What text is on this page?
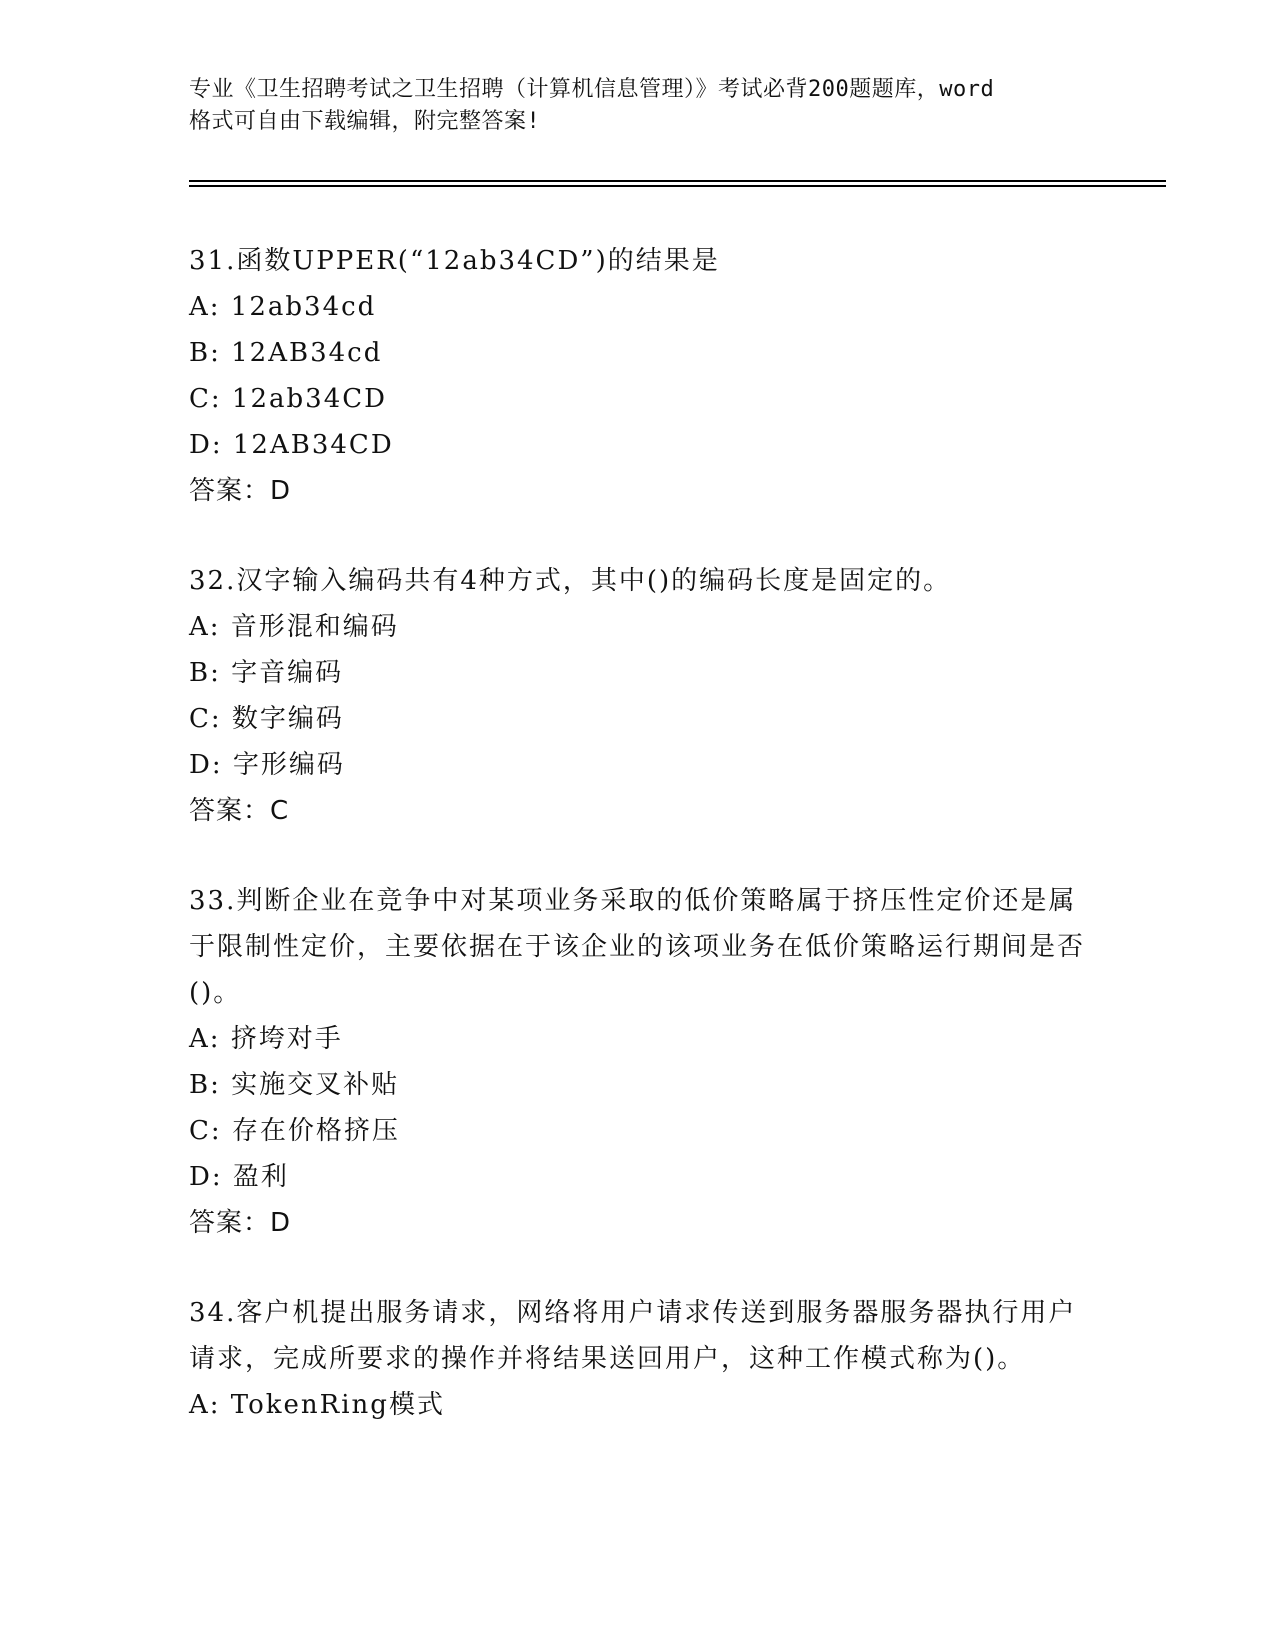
专业《卫生招聘考试之卫生招聘（计算机信息管理）》考试必背200题题库，word
格式可自由下载编辑，附完整答案!
31.函数UPPER(“12ab34CD”)的结果是
A: 12ab34cd
B: 12AB34cd
C: 12ab34CD
D: 12AB34CD
答案：D
32.汉字输入编码共有4种方式，其中()的编码长度是固定的。
A: 音形混和编码
B: 字音编码
C: 数字编码
D: 字形编码
答案：C
33.判断企业在竞争中对某项业务采取的低价策略属于挤压性定价还是属于限制性定价，主要依据在于该企业的该项业务在低价策略运行期间是否()。
A: 挤垮对手
B: 实施交叉补贴
C: 存在价格挤压
D: 盈利
答案：D
34.客户机提出服务请求，网络将用户请求传送到服务器服务器执行用户请求，完成所要求的操作并将结果送回用户，这种工作模式称为()。
A: TokenRing模式
